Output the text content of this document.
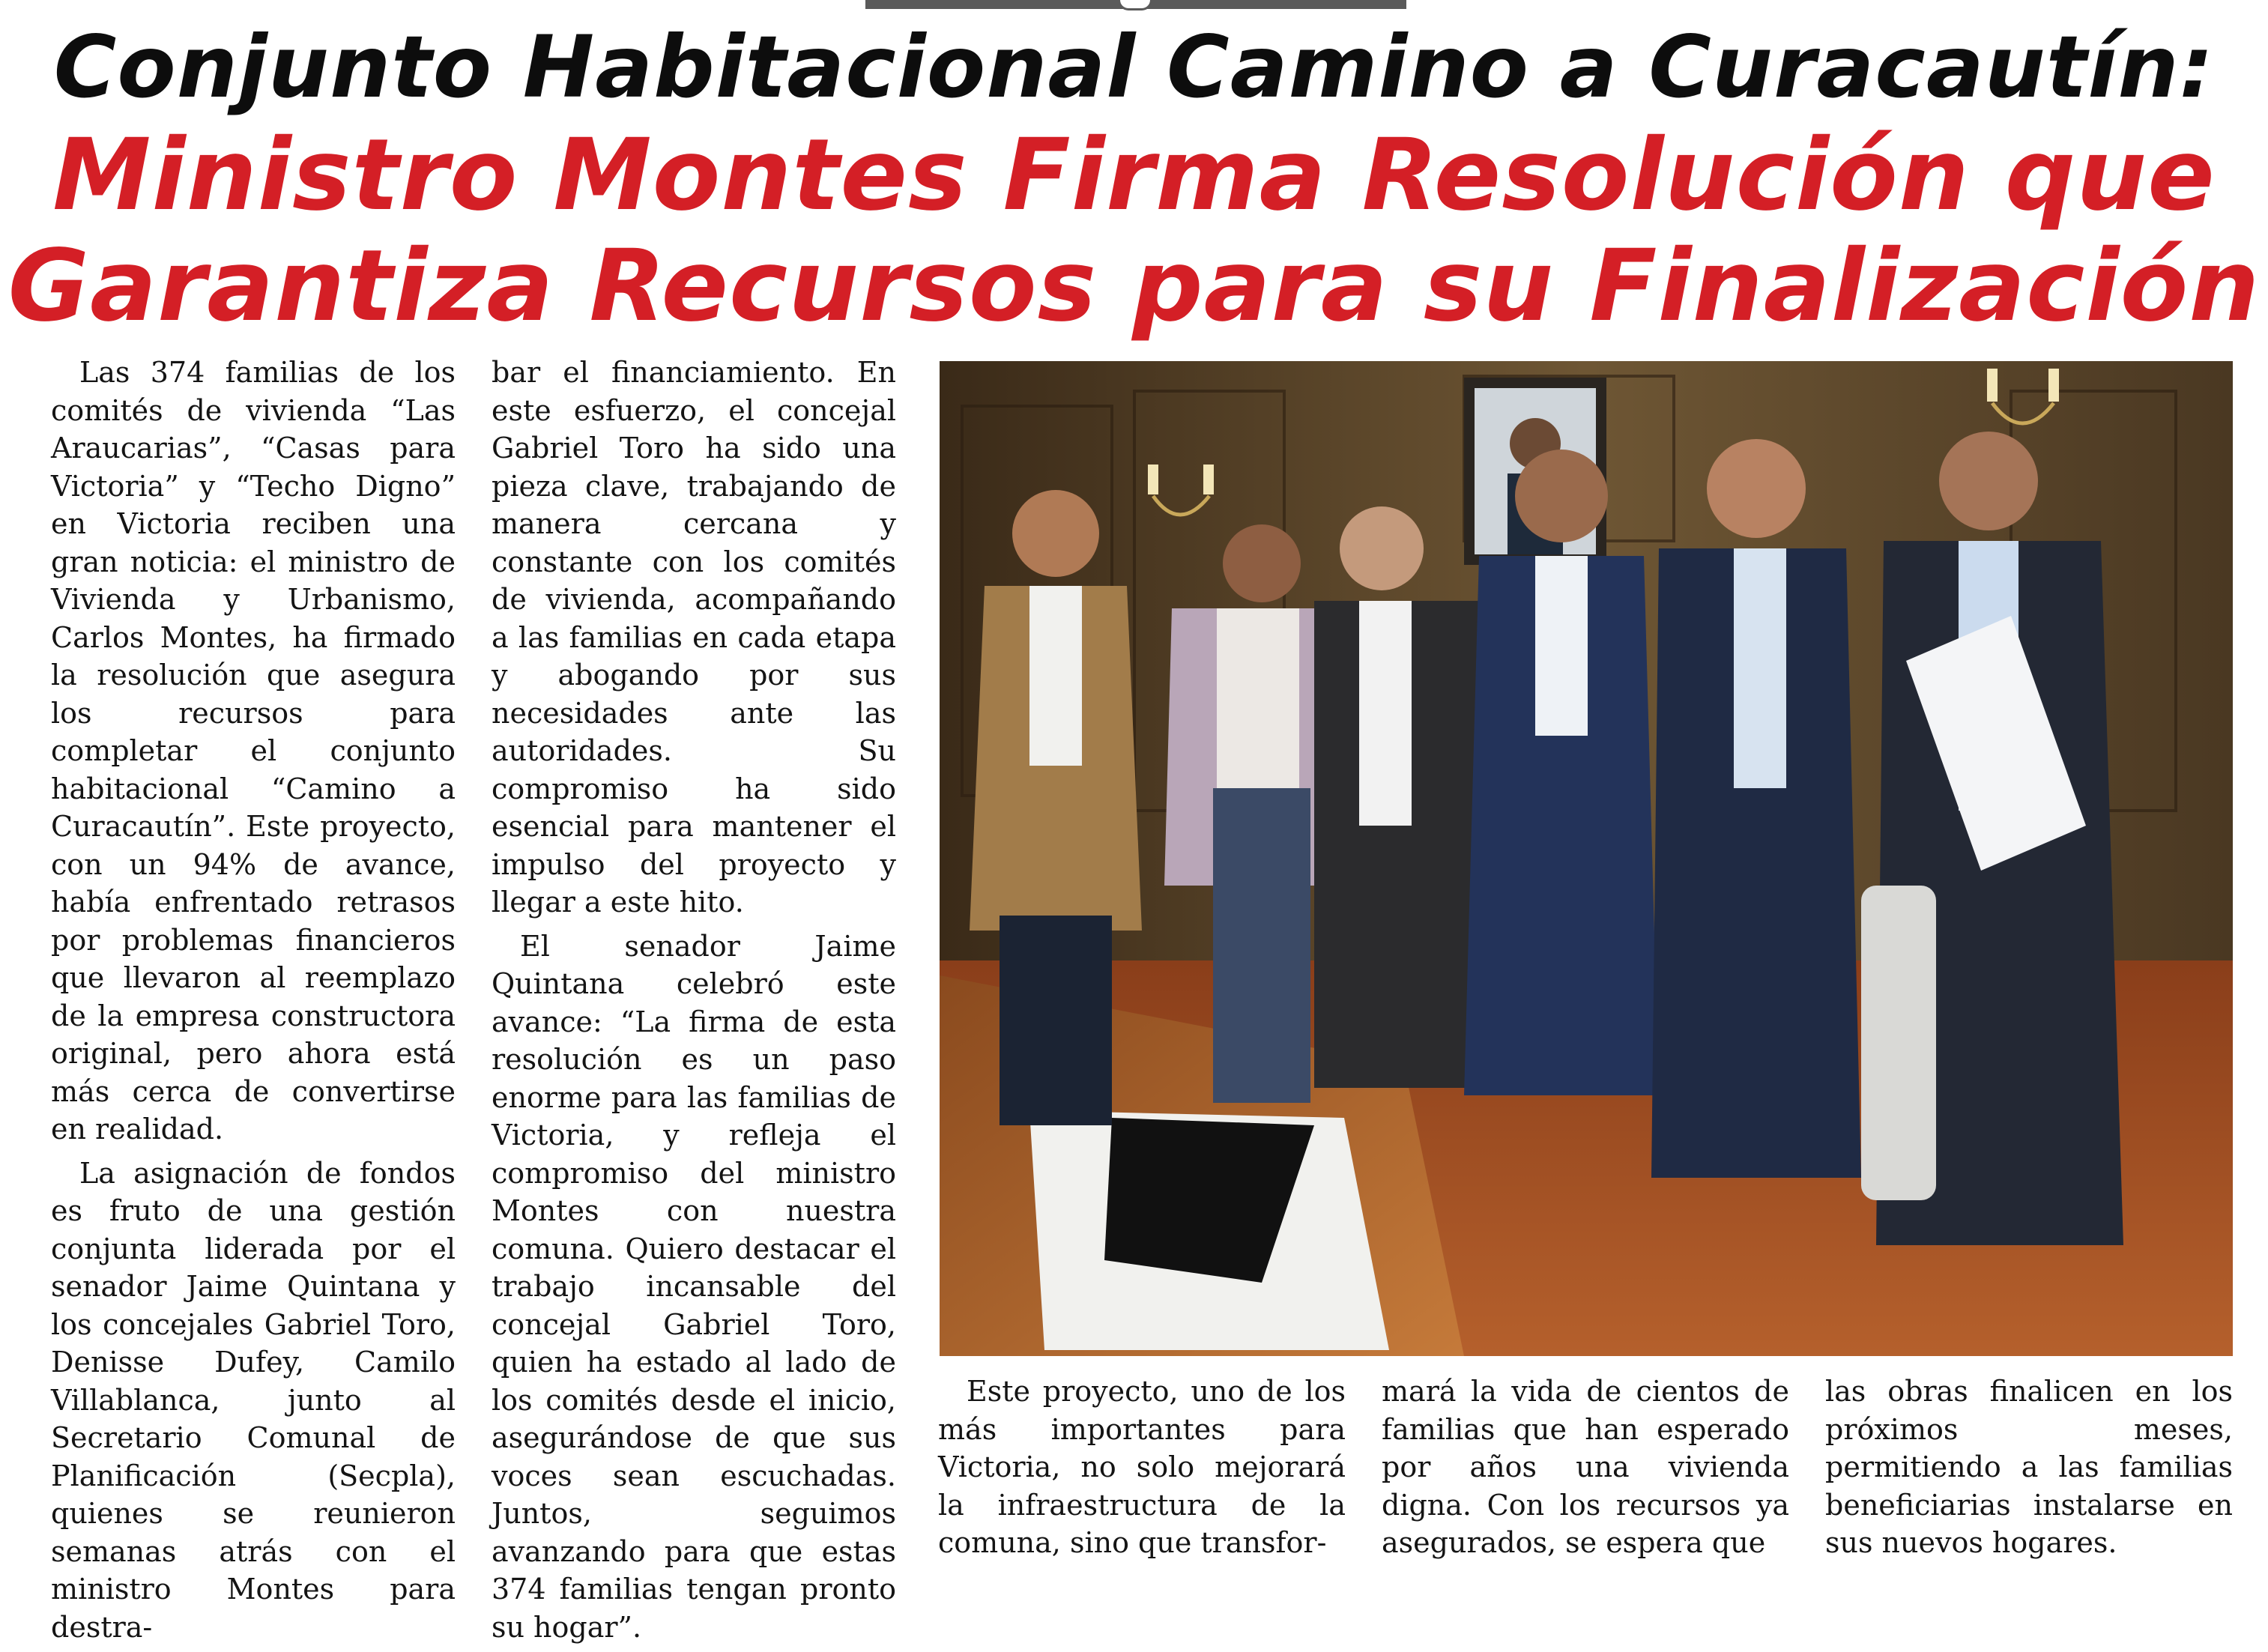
Conjunto Habitacional Camino a Curacautín:
Ministro Montes Firma Resolución que
Garantiza Recursos para su Finalización

Las 374 familias de los comités de vivienda “Las Araucarias”, “Casas para Victoria” y “Techo Digno” en Victoria reciben una gran noticia: el ministro de Vivienda y Urbanismo, Carlos Montes, ha firmado la resolución que asegura los recursos para completar el conjunto habitacional “Camino a Curacautín”. Este proyecto, con un 94% de avance, había enfrentado retrasos por problemas financieros que llevaron al reemplazo de la empresa constructora original, pero ahora está más cerca de convertirse en realidad.

La asignación de fondos es fruto de una gestión conjunta liderada por el senador Jaime Quintana y los concejales Gabriel Toro, Denisse Dufey, Camilo Villablanca, junto al Secretario Comunal de Planificación (Secpla), quienes se reunieron semanas atrás con el ministro Montes para destra-

bar el financiamiento. En este esfuerzo, el concejal Gabriel Toro ha sido una pieza clave, trabajando de manera cercana y constante con los comités de vivienda, acompañando a las familias en cada etapa y abogando por sus necesidades ante las autoridades. Su compromiso ha sido esencial para mantener el impulso del proyecto y llegar a este hito.

El senador Jaime Quintana celebró este avance: “La firma de esta resolución es un paso enorme para las familias de Victoria, y refleja el compromiso del ministro Montes con nuestra comuna. Quiero destacar el trabajo incansable del concejal Gabriel Toro, quien ha estado al lado de los comités desde el inicio, asegurándose de que sus voces sean escuchadas. Juntos, seguimos avanzando para que estas 374 familias tengan pronto su hogar”.

Este proyecto, uno de los más importantes para Victoria, no solo mejorará la infraestructura de la comuna, sino que transfor-

mará la vida de cientos de familias que han esperado por años una vivienda digna. Con los recursos ya asegurados, se espera que

las obras finalicen en los próximos meses, permitiendo a las familias beneficiarias instalarse en sus nuevos hogares.
